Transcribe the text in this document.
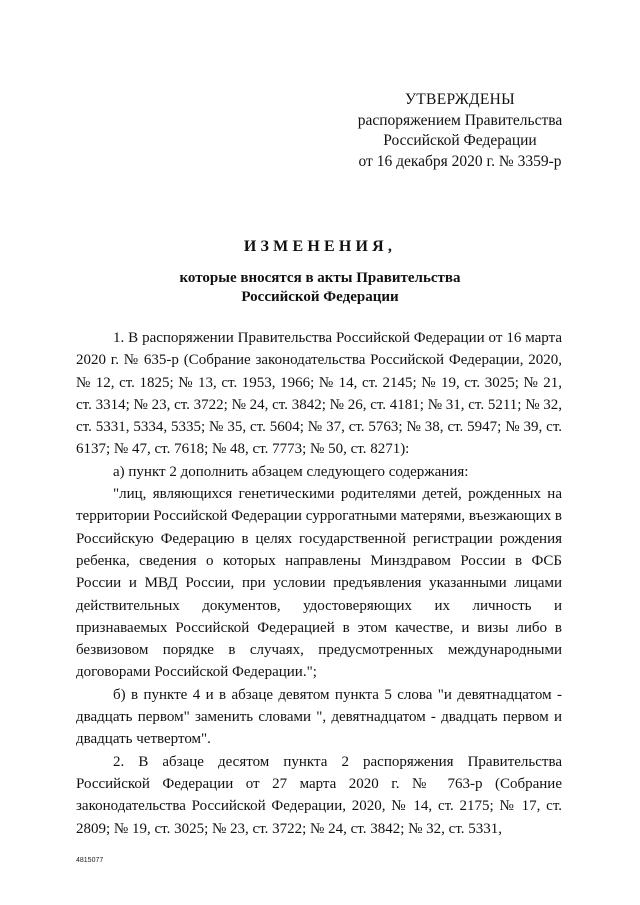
УТВЕРЖДЕНЫ
распоряжением Правительства
Российской Федерации
от 16 декабря 2020 г. № 3359-р
ИЗМЕНЕНИЯ,
которые вносятся в акты Правительства
Российской Федерации

1. В распоряжении Правительства Российской Федерации от 16 марта 2020 г. № 635-р (Собрание законодательства Российской Федерации, 2020, № 12, ст. 1825; № 13, ст. 1953, 1966; № 14, ст. 2145; № 19, ст. 3025; № 21, ст. 3314; № 23, ст. 3722; № 24, ст. 3842; № 26, ст. 4181; № 31, ст. 5211; № 32, ст. 5331, 5334, 5335; № 35, ст. 5604; № 37, ст. 5763; № 38, ст. 5947; № 39, ст. 6137; № 47, ст. 7618; № 48, ст. 7773; № 50, ст. 8271):

а) пункт 2 дополнить абзацем следующего содержания:

"лиц, являющихся генетическими родителями детей, рожденных на территории Российской Федерации суррогатными матерями, въезжающих в Российскую Федерацию в целях государственной регистрации рождения ребенка, сведения о которых направлены Минздравом России в ФСБ России и МВД России, при условии предъявления указанными лицами действительных документов, удостоверяющих их личность и признаваемых Российской Федерацией в этом качестве, и визы либо в безвизовом порядке в случаях, предусмотренных международными договорами Российской Федерации.";

б) в пункте 4 и в абзаце девятом пункта 5 слова "и девятнадцатом - двадцать первом" заменить словами ", девятнадцатом - двадцать первом и двадцать четвертом".

2. В абзаце десятом пункта 2 распоряжения Правительства Российской Федерации от 27 марта 2020 г. № 763-р (Собрание законодательства Российской Федерации, 2020, № 14, ст. 2175; № 17, ст. 2809; № 19, ст. 3025; № 23, ст. 3722; № 24, ст. 3842; № 32, ст. 5331,

4815077
